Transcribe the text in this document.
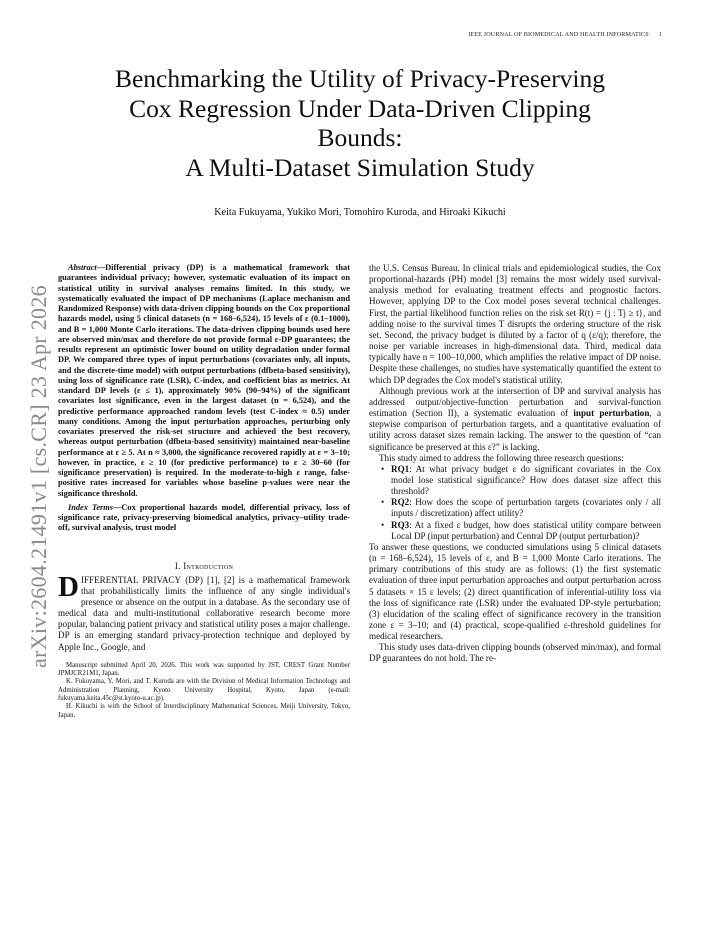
IEEE JOURNAL OF BIOMEDICAL AND HEALTH INFORMATICS 1
arXiv:2604.21491v1 [cs.CR] 23 Apr 2026
Benchmarking the Utility of Privacy-Preserving
Cox Regression Under Data-Driven Clipping
Bounds:
A Multi-Dataset Simulation Study
Keita Fukuyama, Yukiko Mori, Tomohiro Kuroda, and Hiroaki Kikuchi

Abstract—Differential privacy (DP) is a mathematical framework that guarantees individual privacy; however, systematic evaluation of its impact on statistical utility in survival analyses remains limited. In this study, we systematically evaluated the impact of DP mechanisms (Laplace mechanism and Randomized Response) with data-driven clipping bounds on the Cox proportional hazards model, using 5 clinical datasets (n = 168–6,524), 15 levels of ε (0.1–1000), and B = 1,000 Monte Carlo iterations. The data-driven clipping bounds used here are observed min/max and therefore do not provide formal ε-DP guarantees; the results represent an optimistic lower bound on utility degradation under formal DP. We compared three types of input perturbations (covariates only, all inputs, and the discrete-time model) with output perturbations (dfbeta-based sensitivity), using loss of significance rate (LSR), C-index, and coefficient bias as metrics. At standard DP levels (ε ≤ 1), approximately 90% (90–94%) of the significant covariates lost significance, even in the largest dataset (n = 6,524), and the predictive performance approached random levels (test C-index ≈ 0.5) under many conditions. Among the input perturbation approaches, perturbing only covariates preserved the risk-set structure and achieved the best recovery, whereas output perturbation (dfbeta-based sensitivity) maintained near-baseline performance at ε ≥ 5. At n ≈ 3,000, the significance recovered rapidly at ε = 3–10; however, in practice, ε ≥ 10 (for predictive performance) to ε ≥ 30–60 (for significance preservation) is required. In the moderate-to-high ε range, false-positive rates increased for variables whose baseline p-values were near the significance threshold.

Index Terms—Cox proportional hazards model, differential privacy, loss of significance rate, privacy-preserving biomedical analytics, privacy–utility trade-off, survival analysis, trust model

I. Introduction

DIFFERENTIAL PRIVACY (DP) [1], [2] is a mathematical framework that probabilistically limits the influence of any single individual's presence or absence on the output in a database. As the secondary use of medical data and multi-institutional collaborative research become more popular, balancing patient privacy and statistical utility poses a major challenge. DP is an emerging standard privacy-protection technique and deployed by Apple Inc., Google, and

Manuscript submitted April 20, 2026. This work was supported by JST, CREST Grant Number JPMJCR21M1, Japan.

K. Fukuyama, Y. Mori, and T. Kuroda are with the Division of Medical Information Technology and Administration Planning, Kyoto University Hospital, Kyoto, Japan (e-mail: fukuyama.keita.45c@st.kyoto-u.ac.jp).

H. Kikuchi is with the School of Interdisciplinary Mathematical Sciences, Meiji University, Tokyo, Japan.

the U.S. Census Bureau. In clinical trials and epidemiological studies, the Cox proportional-hazards (PH) model [3] remains the most widely used survival-analysis method for evaluating treatment effects and prognostic factors. However, applying DP to the Cox model poses several technical challenges. First, the partial likelihood function relies on the risk set R(t) = {j : Tj ≥ t}, and adding noise to the survival times T disrupts the ordering structure of the risk set. Second, the privacy budget is diluted by a factor of q (ε/q); therefore, the noise per variable increases in high-dimensional data. Third, medical data typically have n = 100–10,000, which amplifies the relative impact of DP noise. Despite these challenges, no studies have systematically quantified the extent to which DP degrades the Cox model's statistical utility.

Although previous work at the intersection of DP and survival analysis has addressed output/objective-function perturbation and survival-function estimation (Section II), a systematic evaluation of input perturbation, a stepwise comparison of perturbation targets, and a quantitative evaluation of utility across dataset sizes remain lacking. The answer to the question of “can significance be preserved at this ε?” is lacking.

This study aimed to address the following three research questions:

• RQ1: At what privacy budget ε do significant covariates in the Cox model lose statistical significance? How does dataset size affect this threshold?
• RQ2: How does the scope of perturbation targets (covariates only / all inputs / discretization) affect utility?
• RQ3: At a fixed ε budget, how does statistical utility compare between Local DP (input perturbation) and Central DP (output perturbation)?

To answer these questions, we conducted simulations using 5 clinical datasets (n = 168–6,524), 15 levels of ε, and B = 1,000 Monte Carlo iterations. The primary contributions of this study are as follows: (1) the first systematic evaluation of three input perturbation approaches and output perturbation across 5 datasets × 15 ε levels; (2) direct quantification of inferential-utility loss via the loss of significance rate (LSR) under the evaluated DP-style perturbation; (3) elucidation of the scaling effect of significance recovery in the transition zone ε = 3–10; and (4) practical, scope-qualified ε-threshold guidelines for medical researchers.

This study uses data-driven clipping bounds (observed min/max), and formal DP guarantees do not hold. The re-
